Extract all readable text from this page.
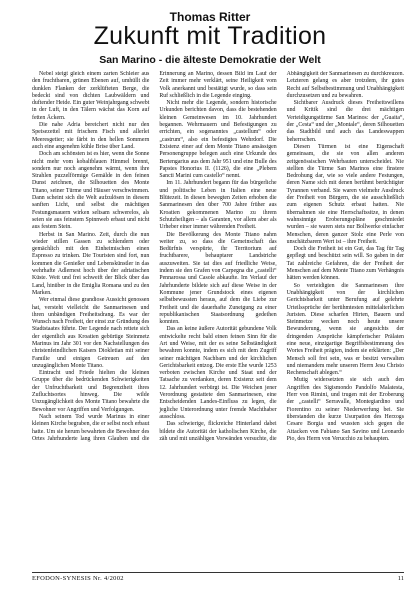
Thomas Ritter
Zukunft mit Tradition
San Marino - die älteste Demokratie der Welt

Nebel steigt gleich einem zarten Schleier aus den fruchtbaren, grünen Ebenen auf, umhüllt die dunklen Flanken der zerklüfteten Berge, die bedeckt sind von dichten Laubwäldern und duftender Heide. Ein guter Weinjahrgang schwebt in der Luft, in den Tälern wächst das Korn auf fetten Äckern.

Die nahe Adria bereichert nicht nur den Speisezettel mit frischem Fisch und allerlei Meeresgetier; sie färbt in den hellen Sommern auch eine angenehm kühle Brise über Land.

Doch am schönsten ist es hier, wenn die Sonne nicht mehr vom kobaltblauen Himmel brennt, sondern nur noch angenehm wärmt, wenn ihre Strahlen puzzelförmige Gemälde in den feinen Dunst zeichnen, die Silhouetten des Monte Titano, seiner Türme und Häuser verschwimmen. Dann scheint sich die Welt aufzulösen in diesem sanften Licht, und selbst die mächtigen Festungsmauern wirken seltsam schwerelos, als seien sie aus feinstem Spinnweb erbaut und nicht aus festem Stein.

Herbst in San Marino. Zeit, durch die nun wieder stillen Gassen zu schlendern oder gemächlich mit den Einheimischen einen Espresso zu trinken. Die Touristen sind fort, nun kommen die Genießer und Lebenskünstler in das wehrhafte Adlernest hoch über der adriatischen Küste. Weit und frei schweift der Blick über das Land, hinüber in die Emiglia Romana und zu den Marken.

Wer einmal diese grandiose Aussicht genossen hat, versteht vielleicht die Sanmarinesen und ihren unbändigen Freiheitsdrang. Es war der Wunsch nach Freiheit, der einst zur Gründung des Stadtstaates führte. Der Legende nach rettete sich der eigentlich aus Kroatien gebürtige Steinmetz Marinus im Jahr 301 vor den Nachstellungen des christenfeindlichen Kaisers Diokletian mit seiner Familie und einigen Getreuen auf den unzugänglichen Monte Titano.

Eintracht und Friede hielten die kleinen Gruppe über die bedrückenden Schwierigkeiten der Unfruchtbarkeit und Begrenztheit ihres Zufluchtsortes hinweg. Die wilde Unzugänglichkeit des Monte Titano bewahrte die Bewohner vor Angriffen und Verfolgungen.

Nach seinem Tod wurde Marinus in einer kleinen Kirche begraben, die er selbst noch erbaut hatte. Um sie herum bewahrten die Bewohner des Ortes Jahrhunderte lang ihren Glauben und die Erinnerung an Marino, dessen Bild im Lauf der Zeit immer mehr verklärt, seine Heiligkeit vom Volk anerkannt und bestätigt wurde, so dass sein Ruf schließlich in die Legende einging.

Nicht mehr die Legende, sondern historische Urkunden berichten davon, dass die bestehenden kleinen Gemeinwesen im 10. Jahrhundert begannen. Wehrmauern und Befestigungen zu errichten, ein sogenanntes „castellum“ oder „castrum“, also ein befestigtes Wehrdorf. Die Existenz einer auf dem Monte Titano ansässigen Personengruppe belegen auch eine Urkunde des Bertengarius aus dem Jahr 951 und eine Bulle des Papstes Honorius II. (1126), die eine „Plebem Sancti Marini cum castello“ nennt.

Im 11. Jahrhundert begann für das bürgerliche und politische Leben in Italien eine neue Blütezeit. In diesen bewegten Zeiten erhoben die Sanmarinesen den über 700 Jahre früher aus Kroatien gekommenen Marino zu ihrem Schutzheiligen – als Garanten, vor allem aber als Urheber einer immer währenden Freiheit.

Die Bevölkerung des Monte Titano nahm weiter zu, so dass die Gemeinschaft das Bedürfnis verspürte, ihr Territorium auf fruchtbarere, behauptarer Landstriche auszuweiten. Sie tat dies auf friedliche Weise, indem sie den Grafen von Carpegna die „castelli“ Pennarossa und Casole abkaufte. Im Verlauf der Jahrhunderte bildete sich auf diese Weise in der Kommune jener Grundstock eines eigenen selbstbewussten heraus, auf dem die Liebe zur Freiheit und die dauerhafte Zuneigung zu einer republikanischen Staatsordnung gedeihen konnten.

Das an keine äußere Autorität gebundene Volk entwickelte recht bald einen feinen Sinn für die Art und Weise, mit der es seine Selbständigkeit bewahren konnte, indem es sich mit dem Zugriff seiner mächtigen Nachbarn und der kirchlichen Gerichtsbarkeit entzog. Die erste Ehe wurde 1253 verboten zwischen Kirche und Staat und der Tatsache zu verdanken, deren Existenz seit dem 12. Jahrhundert verbürgt ist. Die Weichen jener Verordnung gestattete den Sanmarinesen, eine Entscheidenden Landes-Einfluss zu legen, die jegliche Unterordnung unter fremde Machthaber ausschloss.

Das schwierige, flickreiche Hinterland dabei bildete die Autorität der katholischen Kirche, die zäh und mit unzähligen Vorwänden versuchte, die Abhängigkeit der Sanmarinesen zu durchkreuzen. Letzteren gelang es aber trotzdem, ihr gutes Recht auf Selbstbestimmung und Unabhängigkeit durchzusetzen und zu bewahren.

Sichtbarer Ausdruck dieses Freiheitswillens und Kritik sind die drei mächtigen Verteidigungstürme San Marinos: der „Guaita“, der „Cesta“ und der „Montale“, deren Silhouetten das Stadtbild und auch das Landeswappen beherrschen.

Diesen Türmen ist eine Eigenschaft gemeinsam, die sie von allen anderen zeitgenössischen Wehrbauten unterscheidet. Nie stellten die Türme San Marinos eine finstere Bedrohung dar, wie so viele andere Festungen, deren Name sich mit denen berühmt berüchtigter Tyrannen verband. Sie waren vielmehr Ausdruck der Freiheit von Bürgern, die sie ausschließlich zum eigenen Schutz erbaut hatten. Nie übernahmen sie eine Herrschaftssitze, in denen wahnsinnige Eroberungspläne geschmiedet wurden – sie waren stets nur Bollwerke einfacher Menschen, deren ganzer Stolz eine Perle von unschätzbarem Wert ist – ihre Freiheit.

Doch die Freiheit ist ein Gut, das Tag für Tag gepflegt und beschützt sein will. So gaben in der Tat zahlreiche Gefahren, die der Freiheit der Menschen auf dem Monte Titano zum Verhängnis hätten werden können.

So verteidigten die Sanmarinesen ihre Unabhängigkeit von der kirchlichen Gerichtsbarkeit unter Berufung auf gelehrte Urteilssprüche der berühmtesten mittelalterlichen Juristen. Diese scharfen Hirten, Bauern und Steinmetze wecken noch heute unsere Bewunderung, wenn sie angesichts der dringenden Ansprüche kämpferischer Prälaten eine neue, einzigartige Begriffsbestimmung des Wortes Freiheit prägten, indem sie erklärten: „Der Mensch soll frei sein, was er besitzt verwalten und niemandem mehr unseren Herrn Jesu Christo Rechenschaft ablegen.“

Mutig widersetzten sie sich auch den Angriffen des Sigismondo Pandolfo Malatesta, Herr von Rimini, und trugen mit der Eroberung der „castelli“ Serravalle, Montegiardino und Fiorentino zu seiner Niederwerfung bei. Sie überstanden die kurze Usurpation des Herzogs Cesare Borgia und wussten sich gegen die Attacken von Fabiano San Savino und Leonardo Pio, des Herrn von Verucchio zu behaupten.

EFODON-SYNESIS Nr. 4/2002	11
